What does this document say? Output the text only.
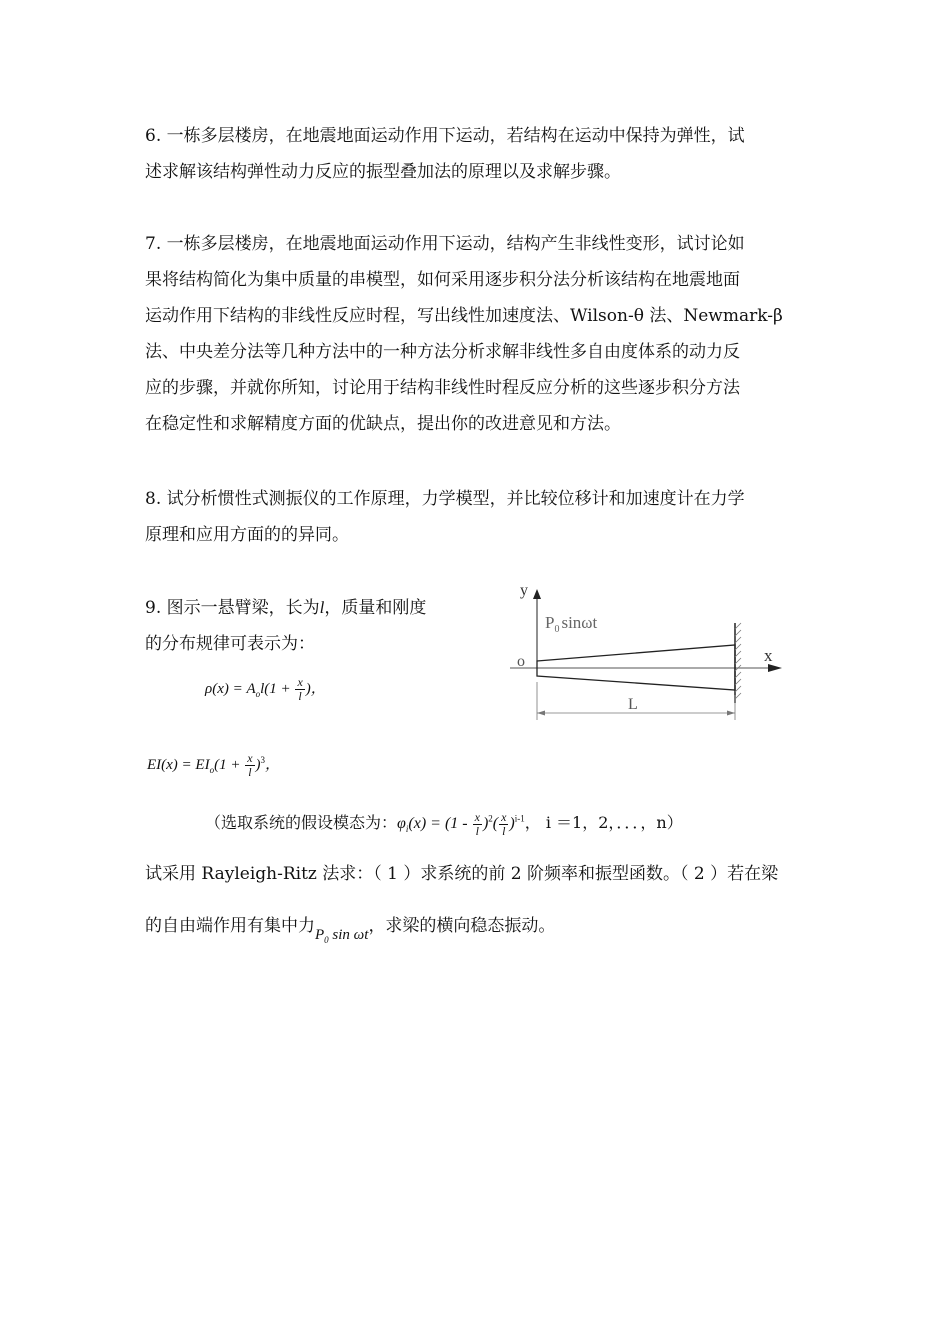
6. 一栋多层楼房，在地震地面运动作用下运动，若结构在运动中保持为弹性，试
述求解该结构弹性动力反应的振型叠加法的原理以及求解步骤。
7. 一栋多层楼房，在地震地面运动作用下运动，结构产生非线性变形，试讨论如
果将结构简化为集中质量的串模型，如何采用逐步积分法分析该结构在地震地面
运动作用下结构的非线性反应时程，写出线性加速度法、Wilson-θ 法、Newmark-β
法、中央差分法等几种方法中的一种方法分析求解非线性多自由度体系的动力反
应的步骤，并就你所知，讨论用于结构非线性时程反应分析的这些逐步积分方法
在稳定性和求解精度方面的优缺点，提出你的改进意见和方法。
8. 试分析惯性式测振仪的工作原理，力学模型，并比较位移计和加速度计在力学
原理和应用方面的的异同。
9. 图示一悬臂梁，长为l，质量和刚度
的分布规律可表示为：
$\rho(x) = A_ol(1 + \frac{x}{l}$ )，
$EI(x) = EI_o(1 + \frac{x}{l} )^3$，
（选取系统的假设模态为：$\varphi_i(x) = (1 - \frac{x}{l} )^2( \frac{x}{l} )^{i-1}$， i ＝1，2，．．．，n）
试采用 Rayleigh-Ritz 法求：（ 1 ）求系统的前 2 阶频率和振型函数。（ 2 ）若在梁
的自由端作用有集中力$P_0$ sin ωt，求梁的横向稳态振动。
y
x
o
$P_0$ sinωt
L
